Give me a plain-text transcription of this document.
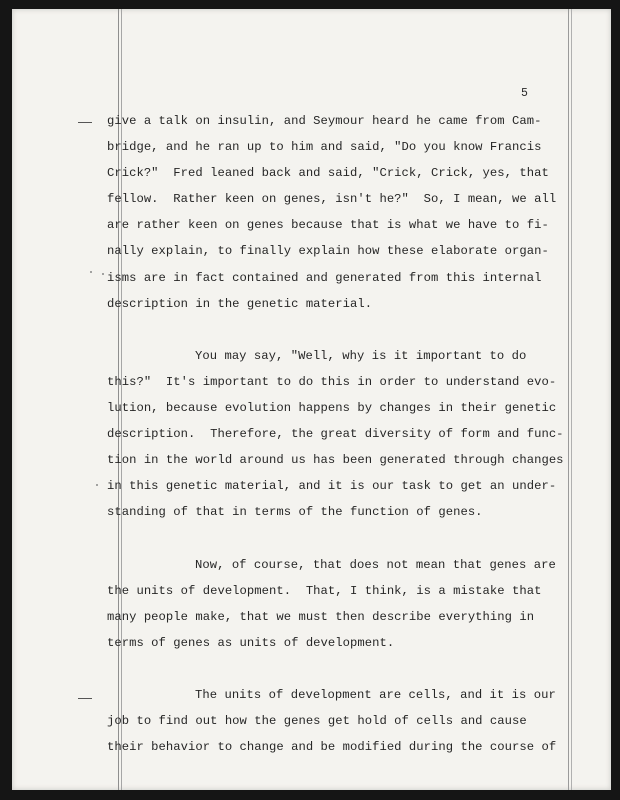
5
give a talk on insulin, and Seymour heard he came from Cam-
bridge, and he ran up to him and said, "Do you know Francis
Crick?"  Fred leaned back and said, "Crick, Crick, yes, that
fellow.  Rather keen on genes, isn't he?"  So, I mean, we all
are rather keen on genes because that is what we have to fi-
nally explain, to finally explain how these elaborate organ-
isms are in fact contained and generated from this internal
description in the genetic material.
You may say, "Well, why is it important to do
this?"  It's important to do this in order to understand evo-
lution, because evolution happens by changes in their genetic
description.  Therefore, the great diversity of form and func-
tion in the world around us has been generated through changes
in this genetic material, and it is our task to get an under-
standing of that in terms of the function of genes.
Now, of course, that does not mean that genes are
the units of development.  That, I think, is a mistake that
many people make, that we must then describe everything in
terms of genes as units of development.
The units of development are cells, and it is our
job to find out how the genes get hold of cells and cause
their behavior to change and be modified during the course of
